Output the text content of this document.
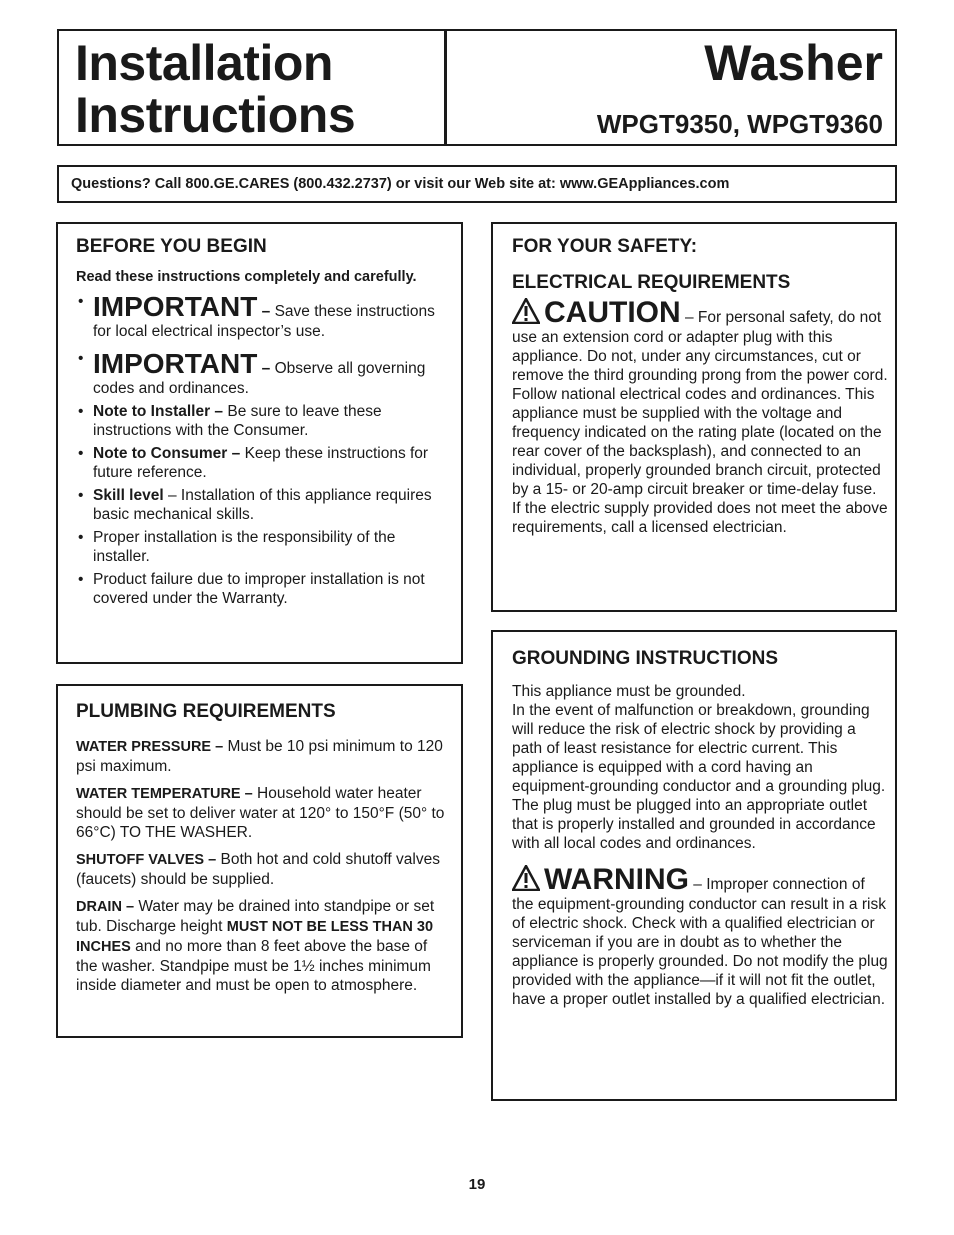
Installation
Instructions
Washer
WPGT9350, WPGT9360
Questions? Call 800.GE.CARES (800.432.2737) or visit our Web site at: www.GEAppliances.com
BEFORE YOU BEGIN
Read these instructions completely and carefully.
• IMPORTANT – Save these instructions for local electrical inspector’s use.
• IMPORTANT – Observe all governing codes and ordinances.
• Note to Installer – Be sure to leave these instructions with the Consumer.
• Note to Consumer – Keep these instructions for future reference.
• Skill level – Installation of this appliance requires basic mechanical skills.
• Proper installation is the responsibility of the installer.
• Product failure due to improper installation is not covered under the Warranty.
PLUMBING REQUIREMENTS
WATER PRESSURE – Must be 10 psi minimum to 120 psi maximum.
WATER TEMPERATURE – Household water heater should be set to deliver water at 120° to 150°F (50° to 66°C) TO THE WASHER.
SHUTOFF VALVES – Both hot and cold shutoff valves (faucets) should be supplied.
DRAIN – Water may be drained into standpipe or set tub. Discharge height MUST NOT BE LESS THAN 30 INCHES and no more than 8 feet above the base of the washer. Standpipe must be 1½ inches minimum inside diameter and must be open to atmosphere.
FOR YOUR SAFETY:
ELECTRICAL REQUIREMENTS
CAUTION – For personal safety, do not use an extension cord or adapter plug with this appliance. Do not, under any circumstances, cut or remove the third grounding prong from the power cord. Follow national electrical codes and ordinances. This appliance must be supplied with the voltage and frequency indicated on the rating plate (located on the rear cover of the backsplash), and connected to an individual, properly grounded branch circuit, protected by a 15- or 20-amp circuit breaker or time-delay fuse. If the electric supply provided does not meet the above requirements, call a licensed electrician.
GROUNDING INSTRUCTIONS
This appliance must be grounded.
In the event of malfunction or breakdown, grounding will reduce the risk of electric shock by providing a path of least resistance for electric current. This appliance is equipped with a cord having an equipment-grounding conductor and a grounding plug. The plug must be plugged into an appropriate outlet that is properly installed and grounded in accordance with all local codes and ordinances.
WARNING – Improper connection of the equipment-grounding conductor can result in a risk of electric shock. Check with a qualified electrician or serviceman if you are in doubt as to whether the appliance is properly grounded. Do not modify the plug provided with the appliance—if it will not fit the outlet, have a proper outlet installed by a qualified electrician.
19
